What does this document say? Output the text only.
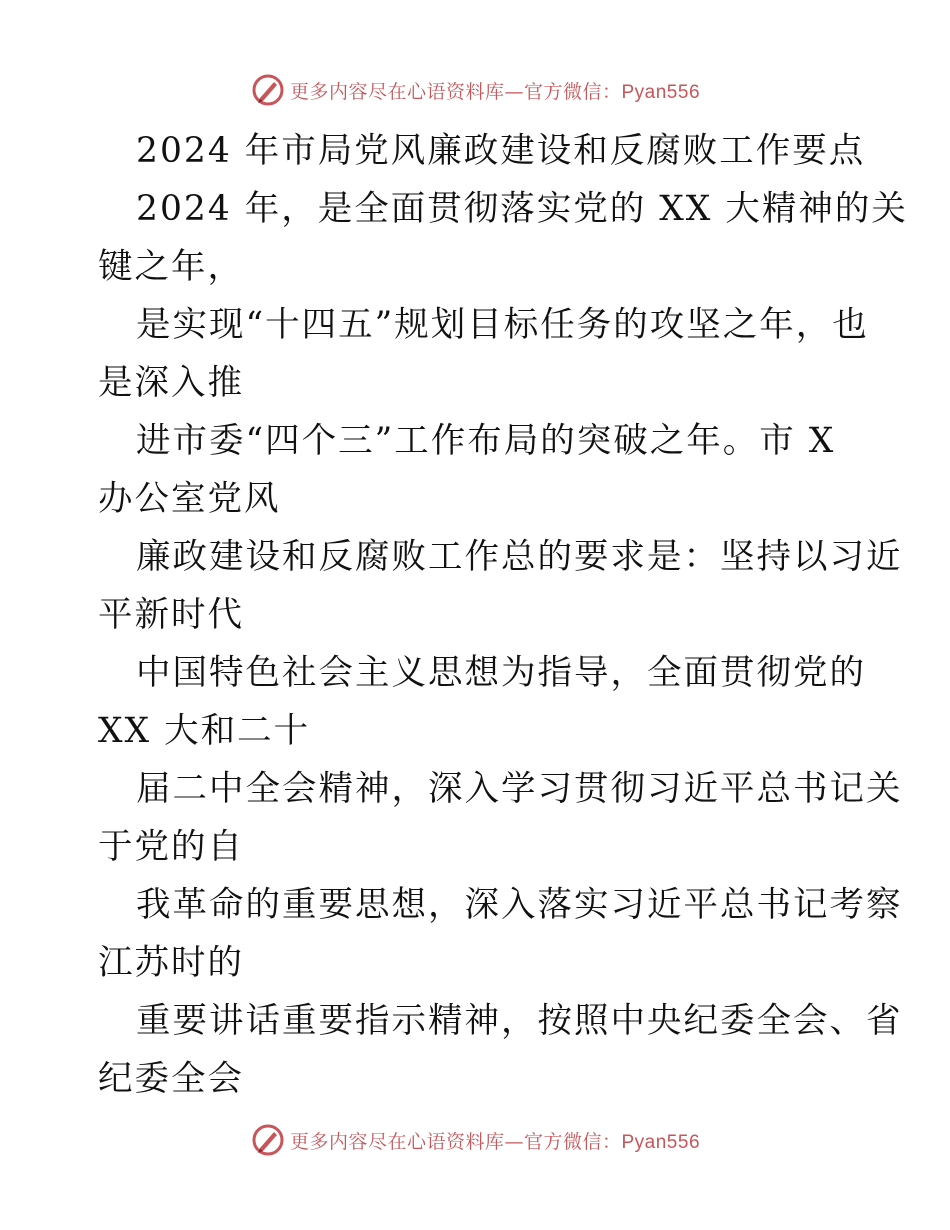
更多内容尽在心语资料库—官方微信：Pyan556
2024 年市局党风廉政建设和反腐败工作要点
2024 年，是全面贯彻落实党的 XX 大精神的关
键之年，
是实现“十四五”规划目标任务的攻坚之年，也
是深入推
进市委“四个三”工作布局的突破之年。市 X
办公室党风
廉政建设和反腐败工作总的要求是：坚持以习近
平新时代
中国特色社会主义思想为指导，全面贯彻党的
XX 大和二十
届二中全会精神，深入学习贯彻习近平总书记关
于党的自
我革命的重要思想，深入落实习近平总书记考察
江苏时的
重要讲话重要指示精神，按照中央纪委全会、省
纪委全会
更多内容尽在心语资料库—官方微信：Pyan556
